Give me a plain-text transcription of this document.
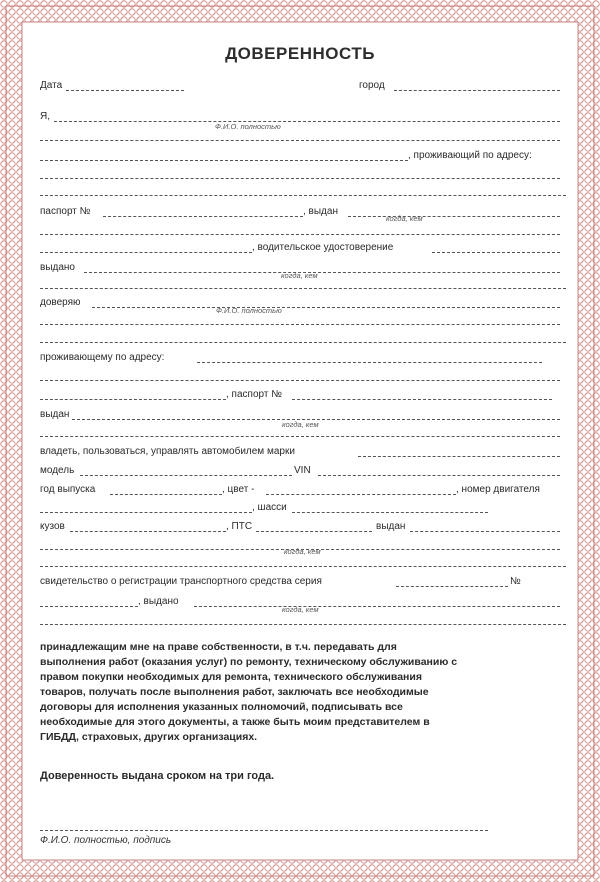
ДОВЕРЕННОСТЬ
Дата	город
Я,
Ф.И.О. полностью
, проживающий по адресу:
паспорт №	, выдан
когда, кем
, водительское удостоверение
выдано
когда, кем
доверяю
Ф.И.О. полностью
проживающему по адресу:
, паспорт №
выдан
когда, кем
владеть, пользоваться, управлять автомобилем марки
модель	VIN
год выпуска	, цвет -	, номер двигателя
, шасси
кузов	, ПТС	выдан
когда, кем
свидетельство о регистрации транспортного средства серия	№
, выдано
когда, кем
принадлежащим мне на праве собственности, в т.ч. передавать для
выполнения работ (оказания услуг) по ремонту, техническому обслуживанию с
правом покупки необходимых для ремонта, технического обслуживания
товаров, получать после выполнения работ, заключать все необходимые
договоры для исполнения указанных полномочий, подписывать все
необходимые для этого документы, а также быть моим представителем в
ГИБДД, страховых, других организациях.
Доверенность выдана сроком на три года.
Ф.И.О. полностью, подпись
